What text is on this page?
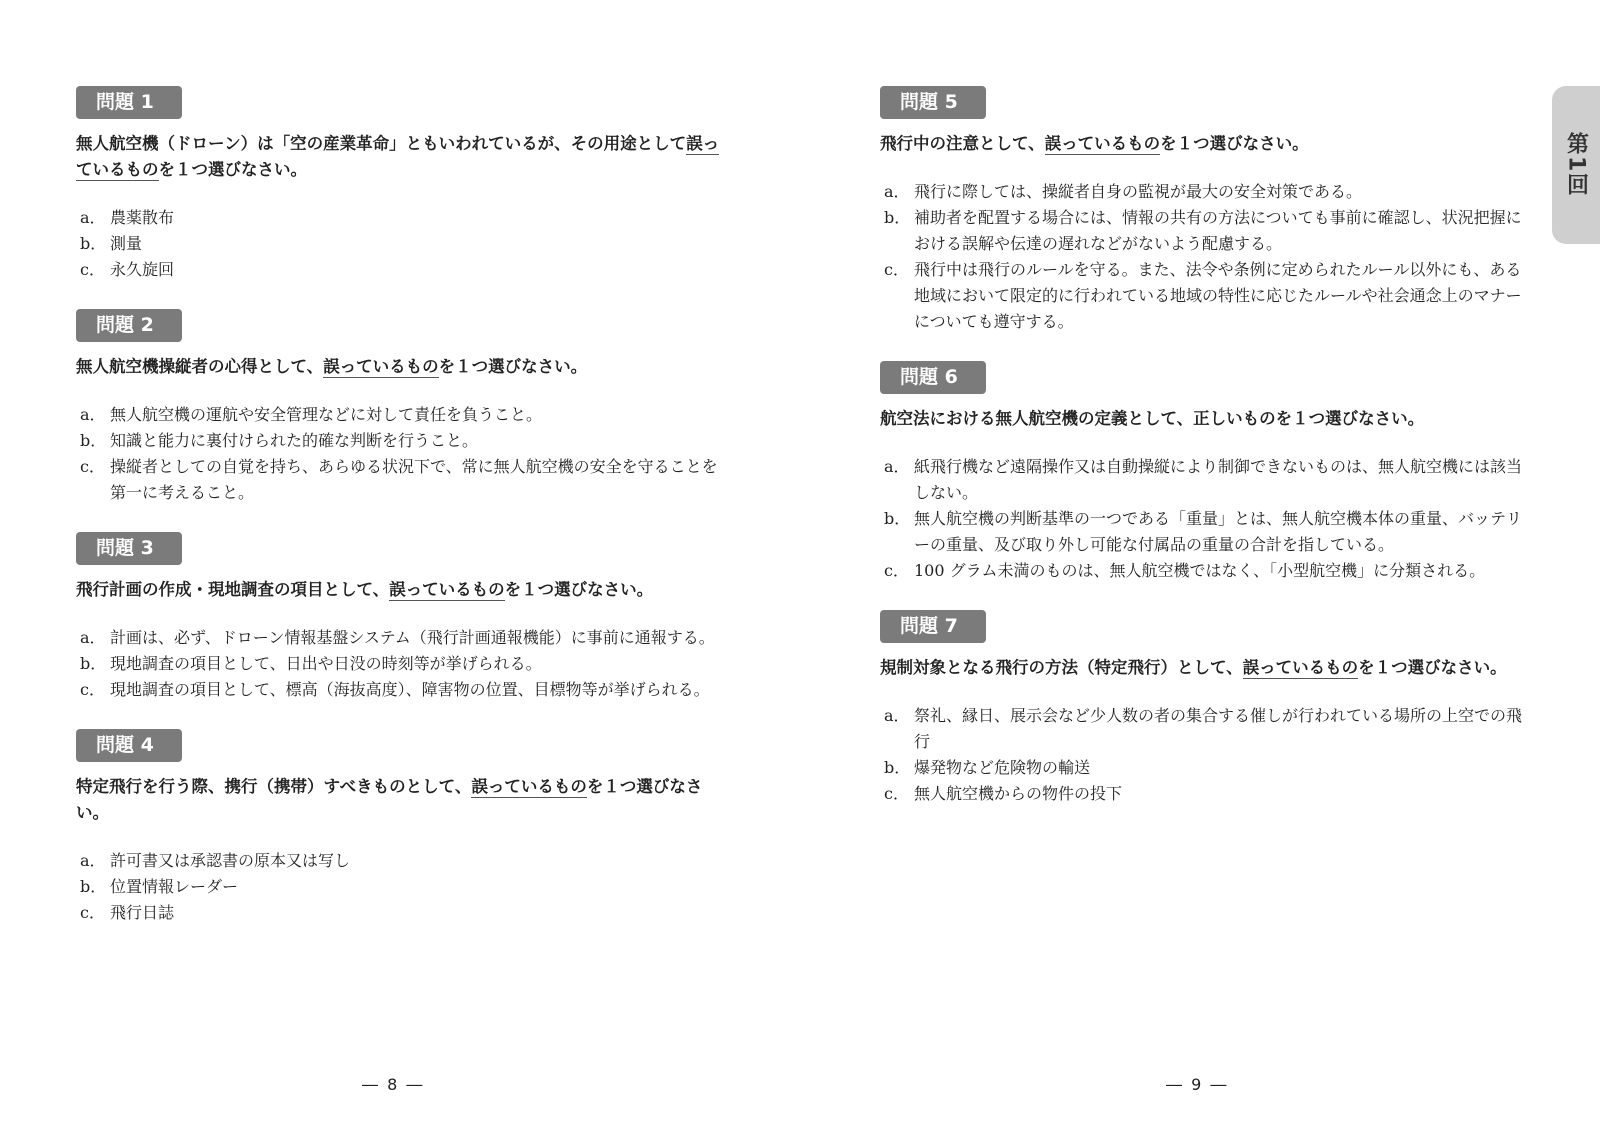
問題 1

無人航空機（ドローン）は「空の産業革命」ともいわれているが、その用途として誤っているものを１つ選びなさい。

a． 農薬散布
b． 測量
c． 永久旋回
問題 2

無人航空機操縦者の心得として、誤っているものを１つ選びなさい。

a． 無人航空機の運航や安全管理などに対して責任を負うこと。
b． 知識と能力に裏付けられた的確な判断を行うこと。
c． 操縦者としての自覚を持ち、あらゆる状況下で、常に無人航空機の安全を守ることを第一に考えること。
問題 3

飛行計画の作成・現地調査の項目として、誤っているものを１つ選びなさい。

a． 計画は、必ず、ドローン情報基盤システム（飛行計画通報機能）に事前に通報する。
b． 現地調査の項目として、日出や日没の時刻等が挙げられる。
c． 現地調査の項目として、標高（海抜高度）、障害物の位置、目標物等が挙げられる。
問題 4

特定飛行を行う際、携行（携帯）すべきものとして、誤っているものを１つ選びなさい。

a． 許可書又は承認書の原本又は写し
b． 位置情報レーダー
c． 飛行日誌
問題 5

飛行中の注意として、誤っているものを１つ選びなさい。

a． 飛行に際しては、操縦者自身の監視が最大の安全対策である。
b． 補助者を配置する場合には、情報の共有の方法についても事前に確認し、状況把握における誤解や伝達の遅れなどがないよう配慮する。
c． 飛行中は飛行のルールを守る。また、法令や条例に定められたルール以外にも、ある地域において限定的に行われている地域の特性に応じたルールや社会通念上のマナーについても遵守する。
問題 6

航空法における無人航空機の定義として、正しいものを１つ選びなさい。

a． 紙飛行機など遠隔操作又は自動操縦により制御できないものは、無人航空機には該当しない。
b． 無人航空機の判断基準の一つである「重量」とは、無人航空機本体の重量、バッテリーの重量、及び取り外し可能な付属品の重量の合計を指している。
c． 100 グラム未満のものは、無人航空機ではなく、「小型航空機」に分類される。
問題 7

規制対象となる飛行の方法（特定飛行）として、誤っているものを１つ選びなさい。

a． 祭礼、縁日、展示会など少人数の者の集合する催しが行われている場所の上空での飛行
b． 爆発物など危険物の輸送
c． 無人航空機からの物件の投下
第1回
― 8 ―	― 9 ―
